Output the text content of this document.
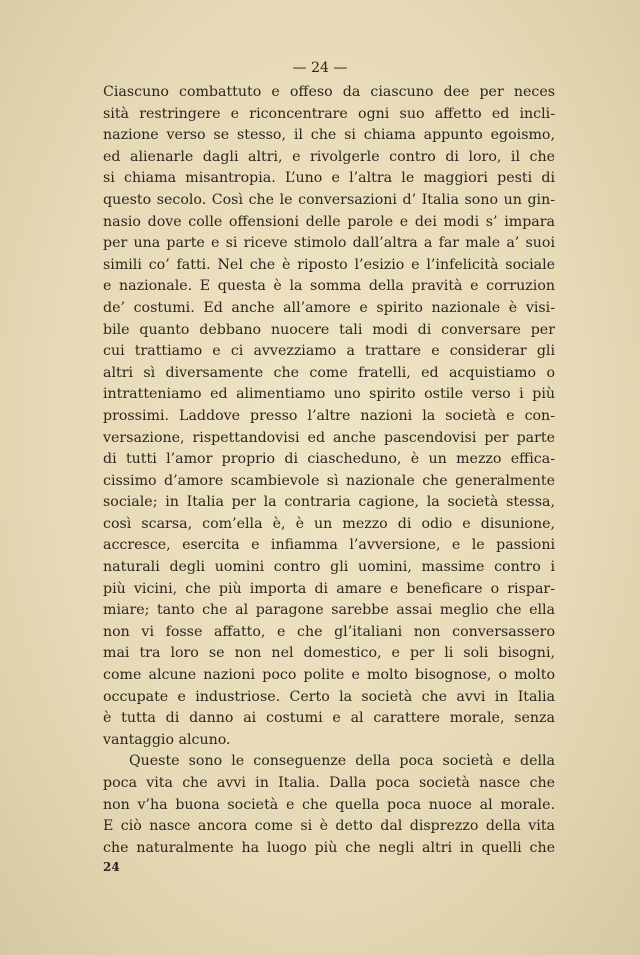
— 24 —
Ciascuno combattuto e offeso da ciascuno dee per neces
sità restringere e riconcentrare ogni suo affetto ed incli-
nazione verso se stesso, il che si chiama appunto egoismo,
ed alienarle dagli altri, e rivolgerle contro di loro, il che
si chiama misantropia. L’uno e l’altra le maggiori pesti di
questo secolo. Così che le conversazioni d’ Italia sono un gin-
nasio dove colle offensioni delle parole e dei modi s’ impara
per una parte e si riceve stimolo dall’altra a far male a’ suoi
simili co’ fatti. Nel che è riposto l’esizio e l’infelicità sociale
e nazionale. E questa è la somma della pravità e corruzion
de’ costumi. Ed anche all’amore e spirito nazionale è visi-
bile quanto debbano nuocere tali modi di conversare per
cui trattiamo e ci avvezziamo a trattare e considerar gli
altri sì diversamente che come fratelli, ed acquistiamo o
intratteniamo ed alimentiamo uno spirito ostile verso i più
prossimi. Laddove presso l’altre nazioni la società e con-
versazione, rispettandovisi ed anche pascendovisi per parte
di tutti l’amor proprio di ciascheduno, è un mezzo effica-
cissimo d’amore scambievole sì nazionale che generalmente
sociale; in Italia per la contraria cagione, la società stessa,
così scarsa, com’ella è, è un mezzo di odio e disunione,
accresce, esercita e infiamma l’avversione, e le passioni
naturali degli uomini contro gli uomini, massime contro i
più vicini, che più importa di amare e beneficare o rispar-
miare; tanto che al paragone sarebbe assai meglio che ella
non vi fosse affatto, e che gl’italiani non conversassero
mai tra loro se non nel domestico, e per li soli bisogni,
come alcune nazioni poco polite e molto bisognose, o molto
occupate e industriose. Certo la società che avvi in Italia
è tutta di danno ai costumi e al carattere morale, senza
vantaggio alcuno.
Queste sono le conseguenze della poca società e della
poca vita che avvi in Italia. Dalla poca società nasce che
non v’ha buona società e che quella poca nuoce al morale.
E ciò nasce ancora come si è detto dal disprezzo della vita
che naturalmente ha luogo più che negli altri in quelli che
24
